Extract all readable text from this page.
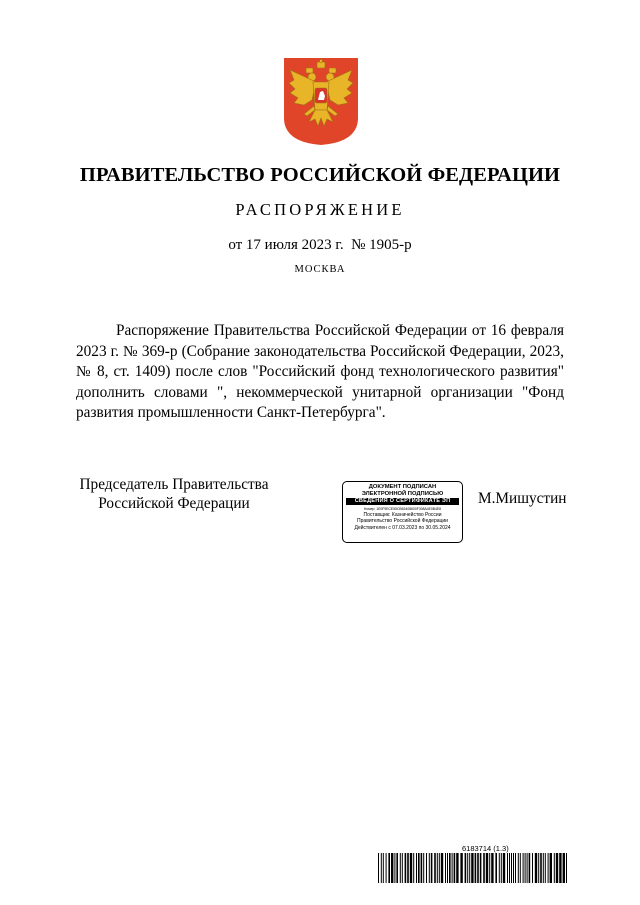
ПРАВИТЕЛЬСТВО РОССИЙСКОЙ ФЕДЕРАЦИИ
РАСПОРЯЖЕНИЕ
от 17 июля 2023 г.  № 1905-р
МОСКВА

Распоряжение Правительства Российской Федерации от 16 февраля 2023 г. № 369-р (Собрание законодательства Российской Федерации, 2023, № 8, ст. 1409) после слов "Российский фонд технологического развития" дополнить словами ", некоммерческой унитарной организации "Фонд развития промышленности Санкт-Петербурга".

Председатель Правительства
Российской Федерации
ДОКУМЕНТ ПОДПИСАН
ЭЛЕКТРОННОЙ ПОДПИСЬЮ
СВЕДЕНИЯ О СЕРТИФИКАТЕ ЭП
Номер: 1E0F9ECE55CB63408600F308A4E0B4E8
Поставщик: Казначейство России
Правительство Российской Федерации
Действителен с 07.03.2023 по 30.05.2024
М.Мишустин
6183714 (1.3)
